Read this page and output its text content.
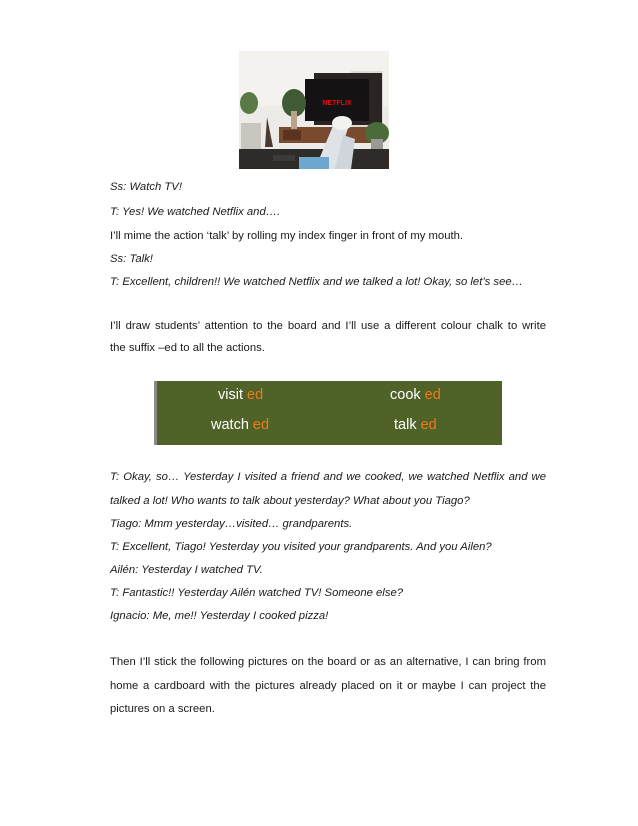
NETFLIX
Ss: Watch TV!
T: Yes! We watched Netflix and….
I’ll mime the action ‘talk’ by rolling my index finger in front of my mouth.
Ss: Talk!
T: Excellent, children!! We watched Netflix and we talked a lot! Okay, so let’s see…
I’ll draw students’ attention to the board and I’ll use a different colour chalk to write
the suffix –ed to all the actions.
visit ed	cook ed
watch ed	talk ed
T: Okay, so… Yesterday I visited a friend and we cooked, we watched Netflix and we
talked a lot! Who wants to talk about yesterday? What about you Tiago?
Tiago: Mmm yesterday…visited… grandparents.
T: Excellent, Tiago! Yesterday you visited your grandparents. And you Ailen?
Ailén: Yesterday I watched TV.
T: Fantastic!! Yesterday Ailén watched TV! Someone else?
Ignacio: Me, me!! Yesterday I cooked pizza!
Then I’ll stick the following pictures on the board or as an alternative, I can bring from
home a cardboard with the pictures already placed on it or maybe I can project the
pictures on a screen.
